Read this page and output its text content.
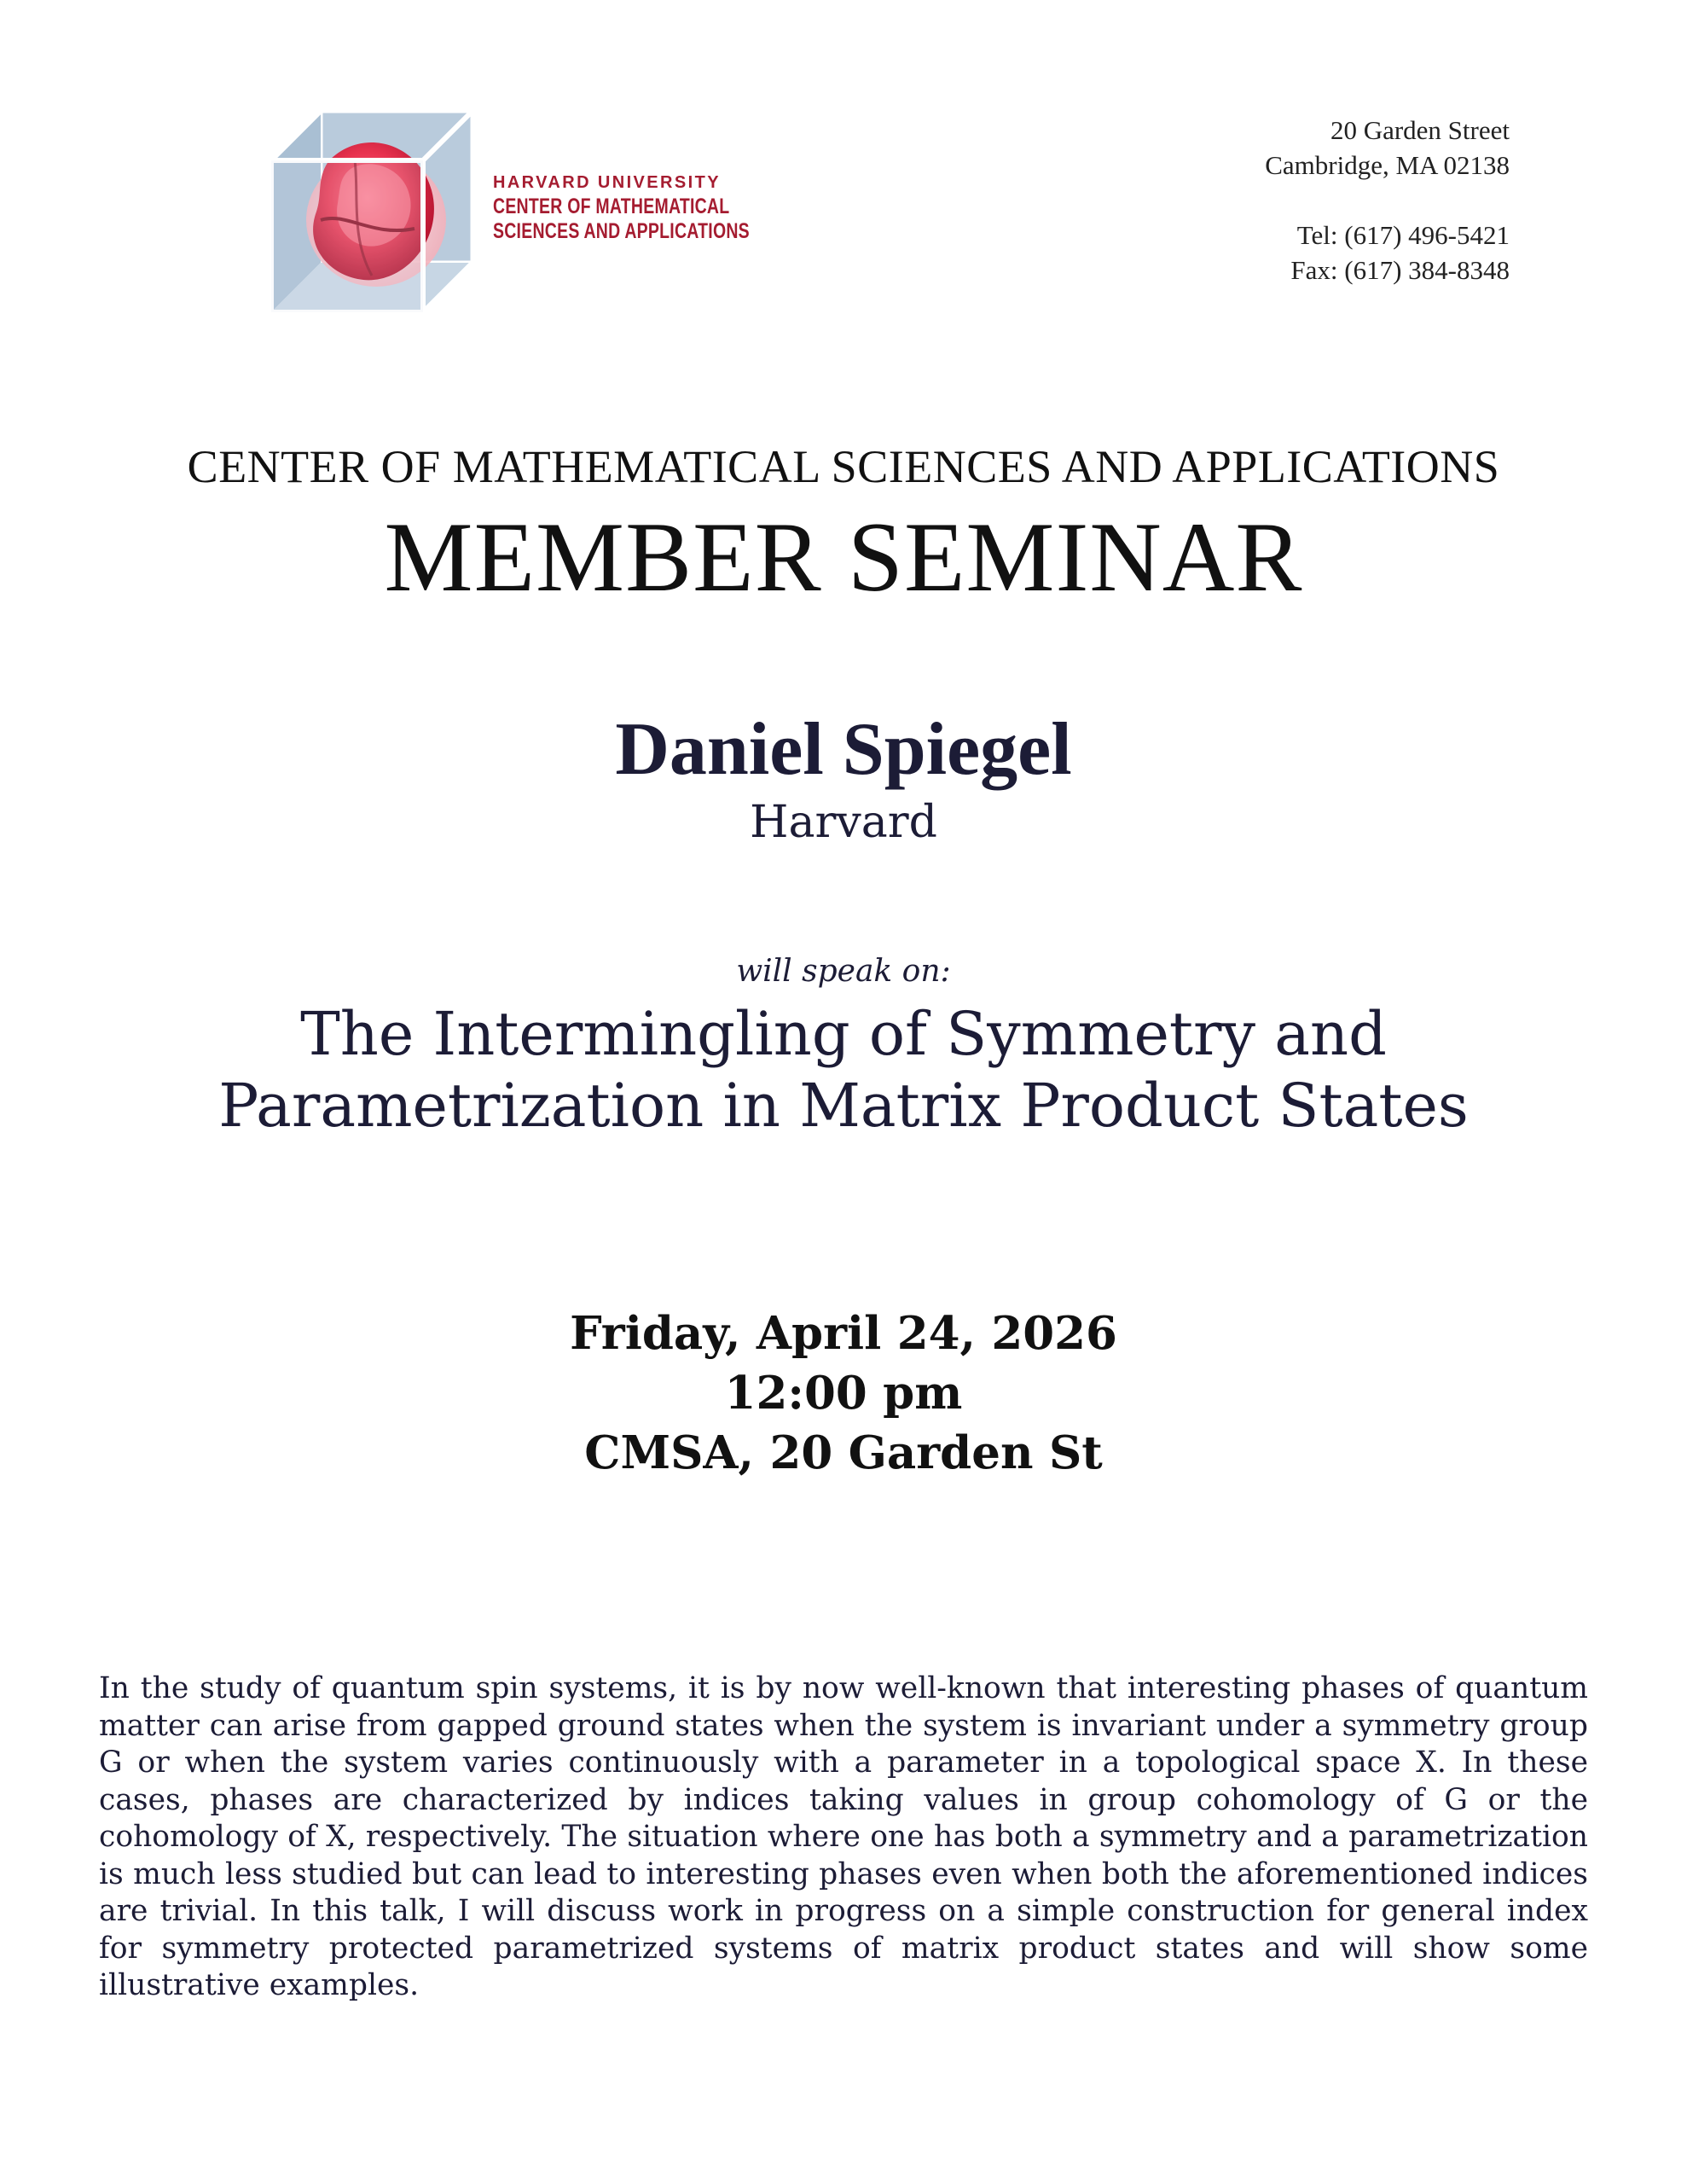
HARVARD UNIVERSITY
CENTER OF MATHEMATICAL
SCIENCES AND APPLICATIONS
20 Garden Street
Cambridge, MA 02138
Tel: (617) 496-5421
Fax: (617) 384-8348
CENTER OF MATHEMATICAL SCIENCES AND APPLICATIONS
MEMBER SEMINAR
Daniel Spiegel
Harvard
will speak on:
The Intermingling of Symmetry and
Parametrization in Matrix Product States
Friday, April 24, 2026
12:00 pm
CMSA, 20 Garden St
In the study of quantum spin systems, it is by now well-known that interesting phases of quantum matter can arise from gapped ground states when the system is invariant under a symmetry group G or when the system varies continuously with a parameter in a topological space X. In these cases, phases are characterized by indices taking values in group cohomology of G or the cohomology of X, respectively. The situation where one has both a symmetry and a parametrization is much less studied but can lead to interesting phases even when both the aforementioned indices are trivial. In this talk, I will discuss work in progress on a simple construction for general index for symmetry protected parametrized systems of matrix product states and will show some illustrative examples.
